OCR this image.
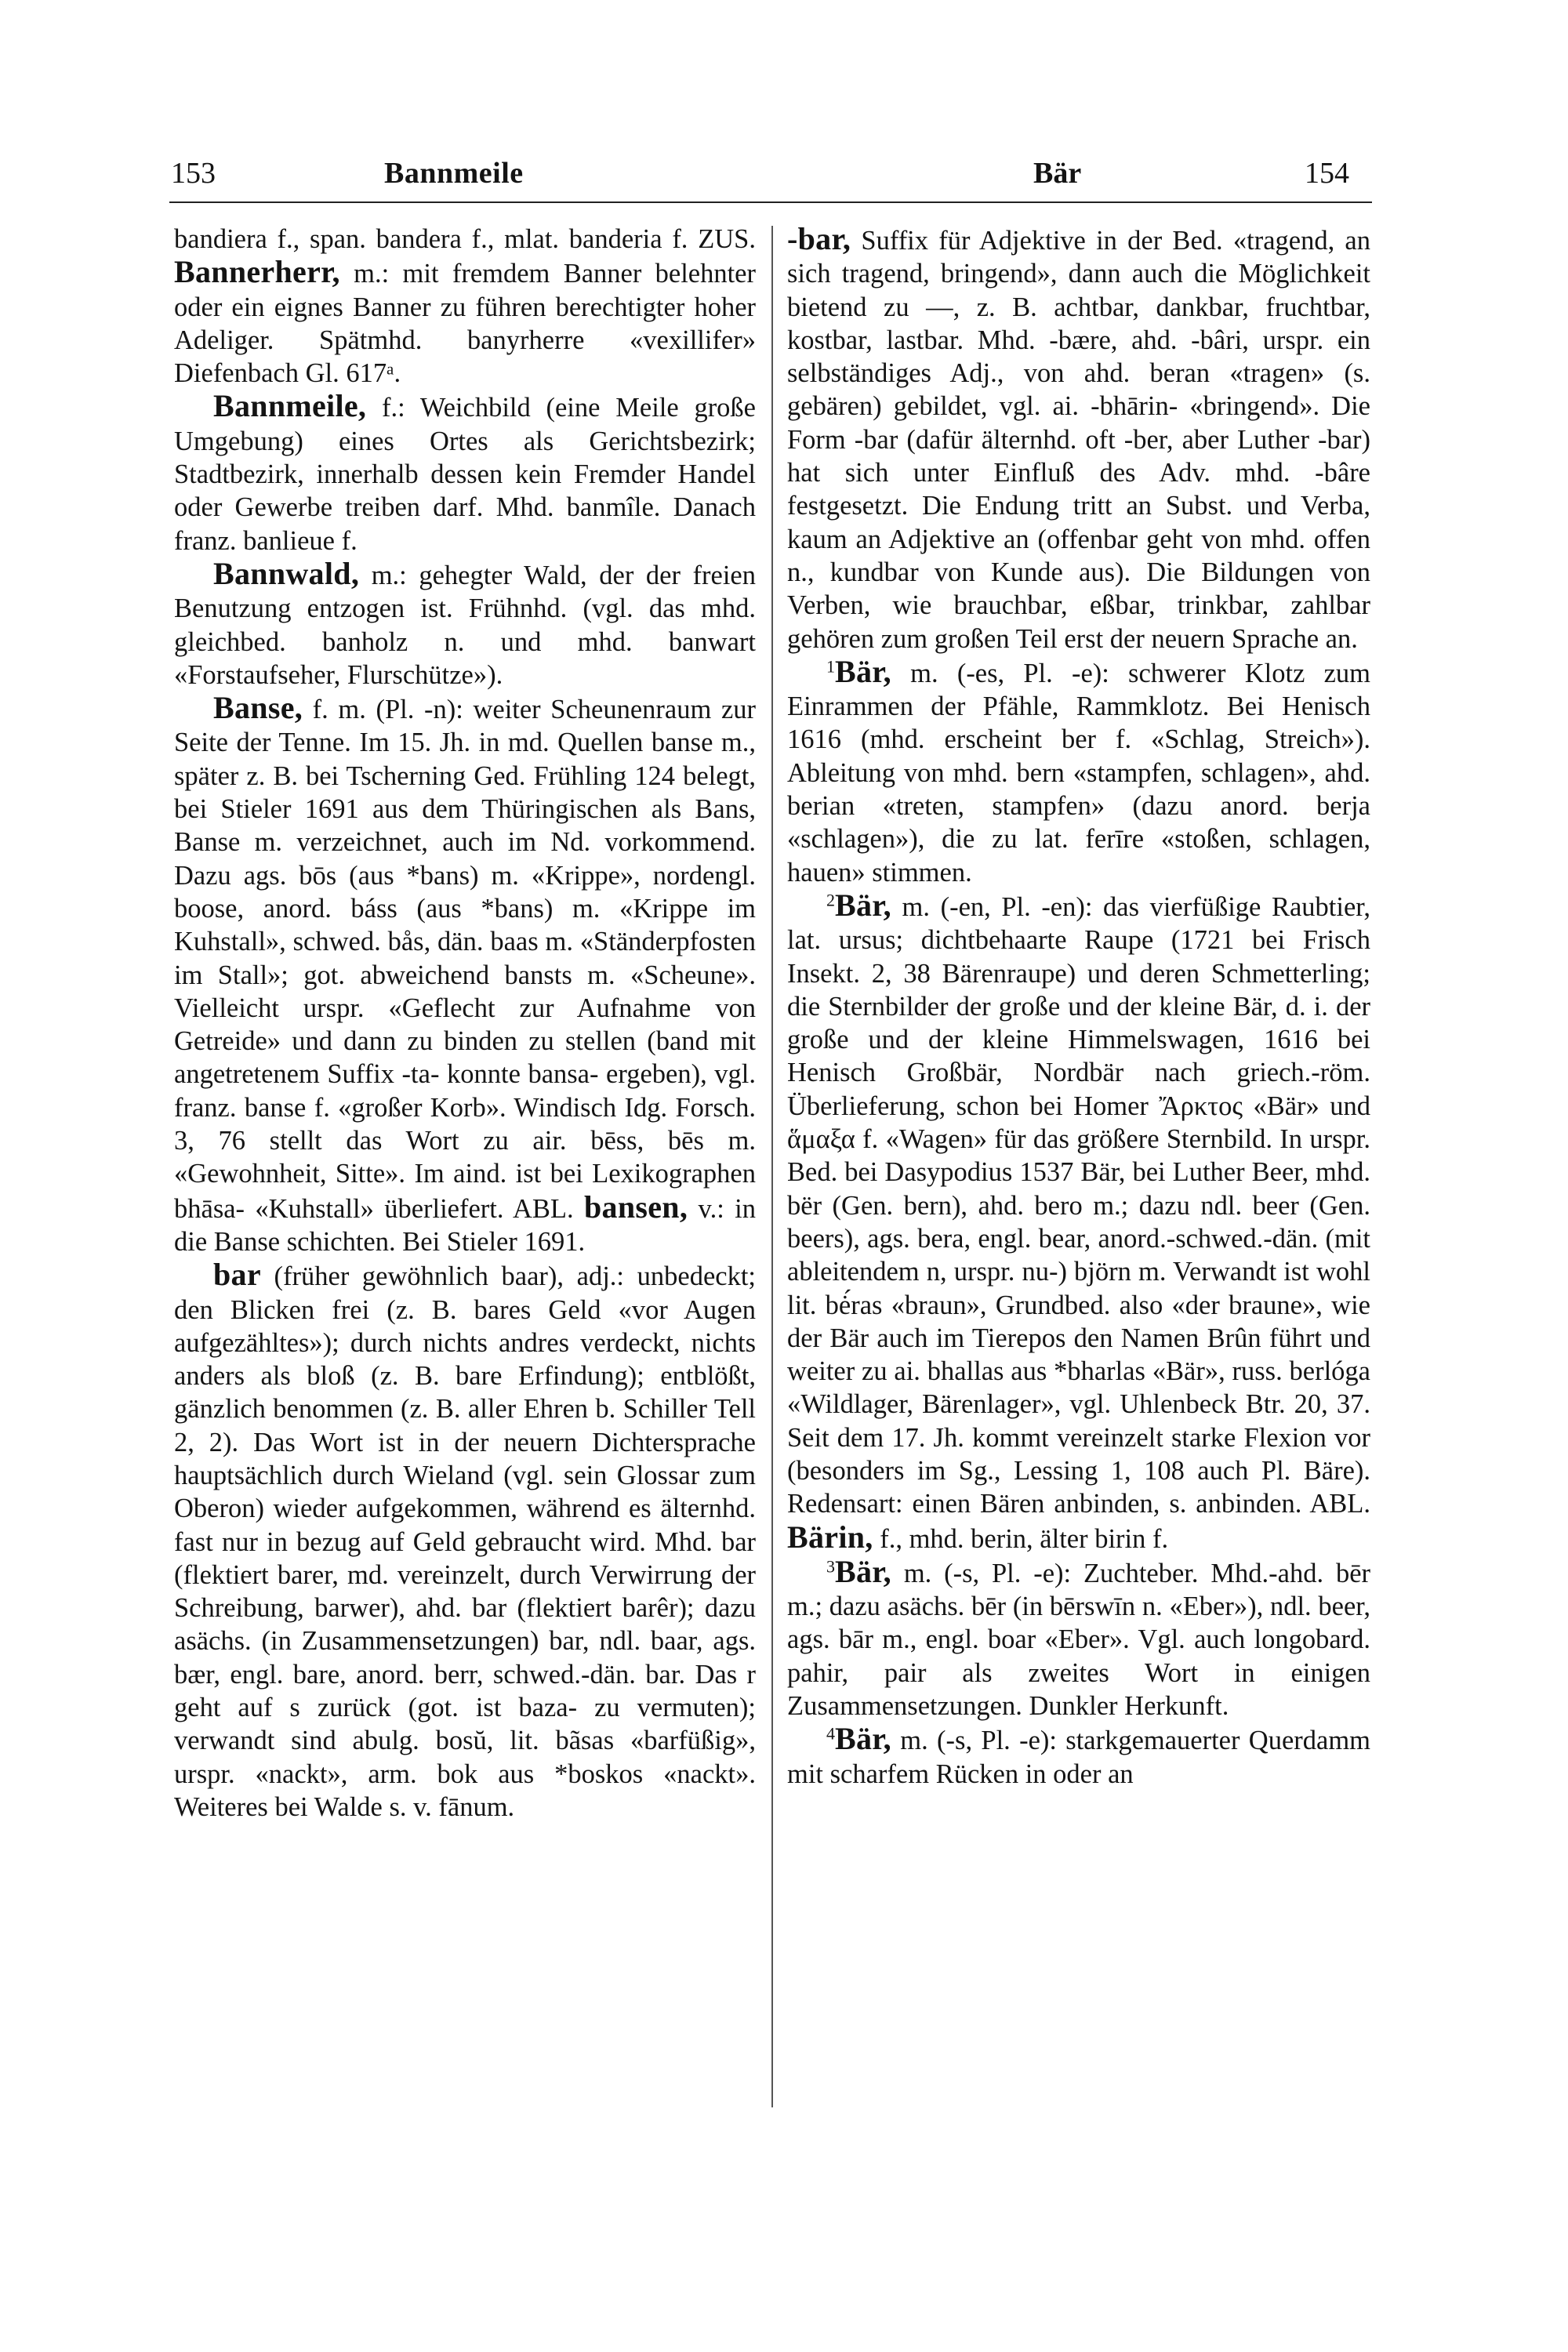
153	Bannmeile	Bär	154

bandiera f., span. bandera f., mlat. banderia f. ZUS. Bannerherr, m.: mit fremdem Banner belehnter oder ein eignes Banner zu führen berechtigter hoher Adeliger. Spätmhd. banyrherre «vexillifer» Diefenbach Gl. 617ᵃ.

Bannmeile, f.: Weichbild (eine Meile große Umgebung) eines Ortes als Gerichtsbezirk; Stadtbezirk, innerhalb dessen kein Fremder Handel oder Gewerbe treiben darf. Mhd. banmîle. Danach franz. banlieue f.

Bannwald, m.: gehegter Wald, der der freien Benutzung entzogen ist. Frühnhd. (vgl. das mhd. gleichbed. banholz n. und mhd. banwart «Forstaufseher, Flurschütze»).

Banse, f. m. (Pl. -n): weiter Scheunenraum zur Seite der Tenne. Im 15. Jh. in md. Quellen banse m., später z. B. bei Tscherning Ged. Frühling 124 belegt, bei Stieler 1691 aus dem Thüringischen als Bans, Banse m. verzeichnet, auch im Nd. vorkommend. Dazu ags. bōs (aus *bans) m. «Krippe», nordengl. boose, anord. báss (aus *bans) m. «Krippe im Kuhstall», schwed. bås, dän. baas m. «Ständerpfosten im Stall»; got. abweichend bansts m. «Scheune». Vielleicht urspr. «Geflecht zur Aufnahme von Getreide» und dann zu binden zu stellen (band mit angetretenem Suffix -ta- konnte bansa- ergeben), vgl. franz. banse f. «großer Korb». Windisch Idg. Forsch. 3, 76 stellt das Wort zu air. bēss, bēs m. «Gewohnheit, Sitte». Im aind. ist bei Lexikographen bhāsa- «Kuhstall» überliefert. ABL. bansen, v.: in die Banse schichten. Bei Stieler 1691.

bar (früher gewöhnlich baar), adj.: unbedeckt; den Blicken frei (z. B. bares Geld «vor Augen aufgezähltes»); durch nichts andres verdeckt, nichts anders als bloß (z. B. bare Erfindung); entblößt, gänzlich benommen (z. B. aller Ehren b. Schiller Tell 2, 2). Das Wort ist in der neuern Dichtersprache hauptsächlich durch Wieland (vgl. sein Glossar zum Oberon) wieder aufgekommen, während es älternhd. fast nur in bezug auf Geld gebraucht wird. Mhd. bar (flektiert barer, md. vereinzelt, durch Verwirrung der Schreibung, barwer), ahd. bar (flektiert barêr); dazu asächs. (in Zusammensetzungen) bar, ndl. baar, ags. bær, engl. bare, anord. berr, schwed.-dän. bar. Das r geht auf s zurück (got. ist baza- zu vermuten); verwandt sind abulg. bosŭ, lit. bãsas «barfüßig», urspr. «nackt», arm. bok aus *boskos «nackt». Weiteres bei Walde s. v. fānum.

-bar, Suffix für Adjektive in der Bed. «tragend, an sich tragend, bringend», dann auch die Möglichkeit bietend zu —, z. B. achtbar, dankbar, fruchtbar, kostbar, lastbar. Mhd. -bære, ahd. -bâri, urspr. ein selbständiges Adj., von ahd. beran «tragen» (s. gebären) gebildet, vgl. ai. -bhārin- «bringend». Die Form -bar (dafür älternhd. oft -ber, aber Luther -bar) hat sich unter Einfluß des Adv. mhd. -bâre festgesetzt. Die Endung tritt an Subst. und Verba, kaum an Adjektive an (offenbar geht von mhd. offen n., kundbar von Kunde aus). Die Bildungen von Verben, wie brauchbar, eßbar, trinkbar, zahlbar gehören zum großen Teil erst der neuern Sprache an.

$^1$Bär, m. (-es, Pl. -e): schwerer Klotz zum Einrammen der Pfähle, Rammklotz. Bei Henisch 1616 (mhd. erscheint ber f. «Schlag, Streich»). Ableitung von mhd. bern «stampfen, schlagen», ahd. berian «treten, stampfen» (dazu anord. berja «schlagen»), die zu lat. ferīre «stoßen, schlagen, hauen» stimmen.

$^2$Bär, m. (-en, Pl. -en): das vierfüßige Raubtier, lat. ursus; dichtbehaarte Raupe (1721 bei Frisch Insekt. 2, 38 Bärenraupe) und deren Schmetterling; die Sternbilder der große und der kleine Bär, d. i. der große und der kleine Himmelswagen, 1616 bei Henisch Großbär, Nordbär nach griech.-röm. Überlieferung, schon bei Homer Ἄρκτος «Bär» und ἅμαξα f. «Wagen» für das größere Sternbild. In urspr. Bed. bei Dasypodius 1537 Bär, bei Luther Beer, mhd. bër (Gen. bern), ahd. bero m.; dazu ndl. beer (Gen. beers), ags. bera, engl. bear, anord.-schwed.-dän. (mit ableitendem n, urspr. nu-) björn m. Verwandt ist wohl lit. bė́ras «braun», Grundbed. also «der braune», wie der Bär auch im Tierepos den Namen Brûn führt und weiter zu ai. bhallas aus *bharlas «Bär», russ. berlóga «Wildlager, Bärenlager», vgl. Uhlenbeck Btr. 20, 37. Seit dem 17. Jh. kommt vereinzelt starke Flexion vor (besonders im Sg., Lessing 1, 108 auch Pl. Bäre). Redensart: einen Bären anbinden, s. anbinden. ABL. Bärin, f., mhd. berin, älter birin f.

$^3$Bär, m. (-s, Pl. -e): Zuchteber. Mhd.-ahd. bēr m.; dazu asächs. bēr (in bērswīn n. «Eber»), ndl. beer, ags. bār m., engl. boar «Eber». Vgl. auch longobard. pahir, pair als zweites Wort in einigen Zusammensetzungen. Dunkler Herkunft.

$^4$Bär, m. (-s, Pl. -e): starkgemauerter Querdamm mit scharfem Rücken in oder an
